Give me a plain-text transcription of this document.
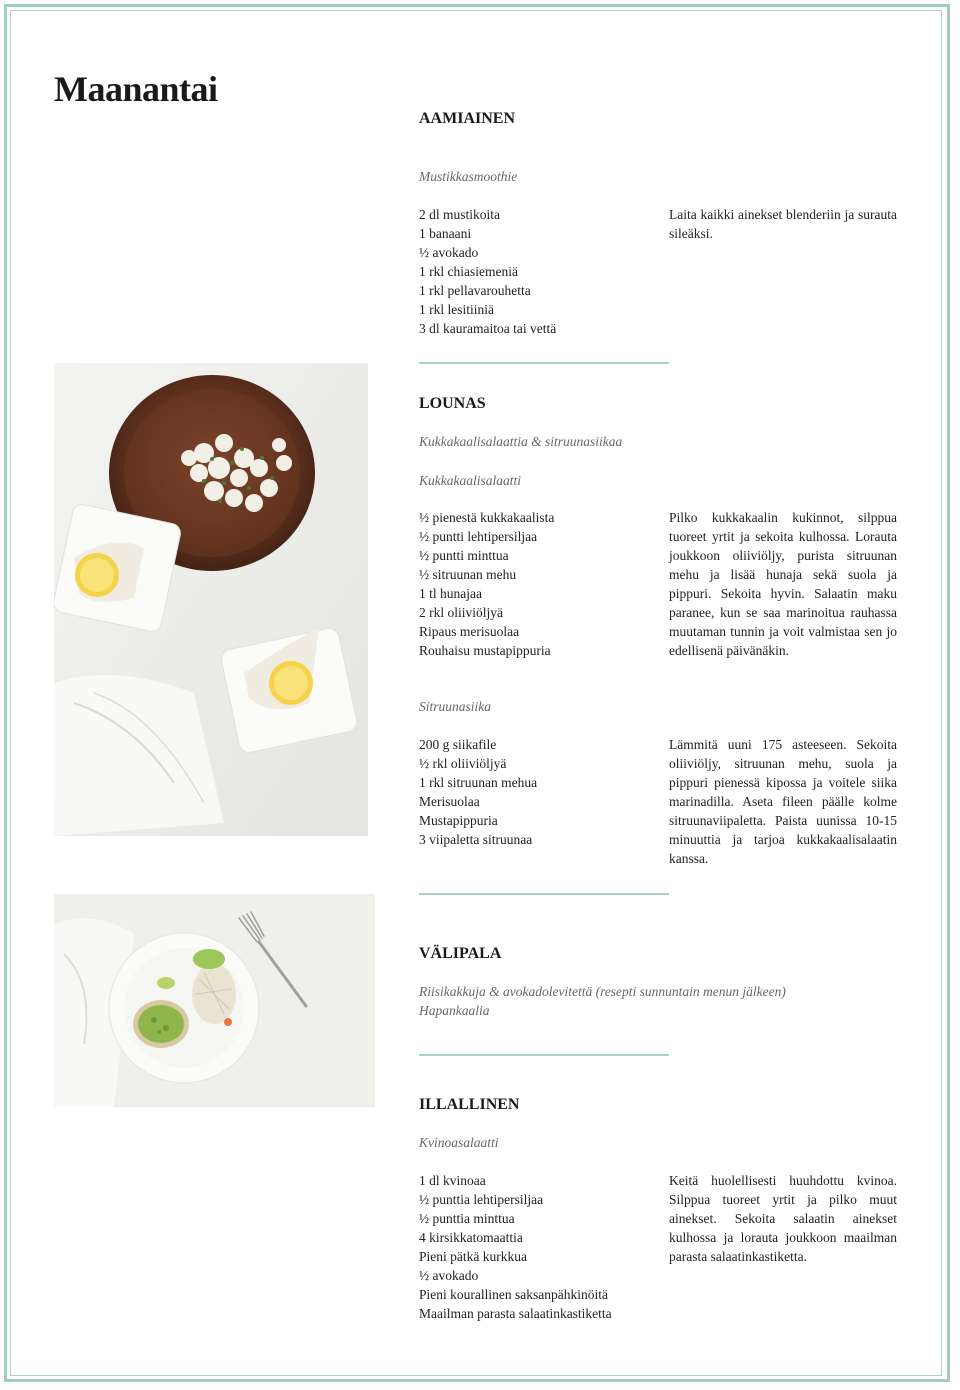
Maanantai
AAMIAINEN

Mustikkasmoothie

2 dl mustikoita
1 banaani
½ avokado
1 rkl chiasiemeniä
1 rkl pellavarouhetta
1 rkl lesitiiniä
3 dl kauramaitoa tai vettä

Laita kaikki ainekset blenderiin ja surauta sileäksi.

LOUNAS

Kukkakaalisalaattia & sitruunasiikaa

Kukkakaalisalaatti

½ pienestä kukkakaalista
½ puntti lehtipersiljaa
½ puntti minttua
½ sitruunan mehu
1 tl hunajaa
2 rkl oliiviöljyä
Ripaus merisuolaa
Rouhaisu mustapippuria

Pilko kukkakaalin kukinnot, silppua tuoreet yrtit ja sekoita kulhossa. Lorauta joukkoon oliiviöljy, purista sitruunan mehu ja lisää hunaja sekä suola ja pippuri. Sekoita hyvin. Salaatin maku paranee, kun se saa marinoitua rauhassa muutaman tunnin ja voit valmistaa sen jo edellisenä päivänäkin.

Sitruunasiika

200 g siikafile
½ rkl oliiviöljyä
1 rkl sitruunan mehua
Merisuolaa
Mustapippuria
3 viipaletta sitruunaa

Lämmitä uuni 175 asteeseen. Sekoita oliiviöljy, sitruunan mehu, suola ja pippuri pienessä kipossa ja voitele siika marinadilla. Aseta fileen päälle kolme sitruunaviipaletta. Paista uunissa 10-15 minuuttia ja tarjoa kukkakaalisalaatin kanssa.

VÄLIPALA

Riisikakkuja & avokadolevitettä (resepti sunnuntain menun jälkeen)

Hapankaalia

ILLALLINEN

Kvinoasalaatti

1 dl kvinoaa
½ punttia lehtipersiljaa
½ punttia minttua
4 kirsikkatomaattia
Pieni pätkä kurkkua
½ avokado
Pieni kourallinen saksanpähkinöitä
Maailman parasta salaatinkastiketta

Keitä huolellisesti huuhdottu kvinoa. Silppua tuoreet yrtit ja pilko muut ainekset. Sekoita salaatin ainekset kulhossa ja lorauta joukkoon maailman parasta salaatinkastiketta.
